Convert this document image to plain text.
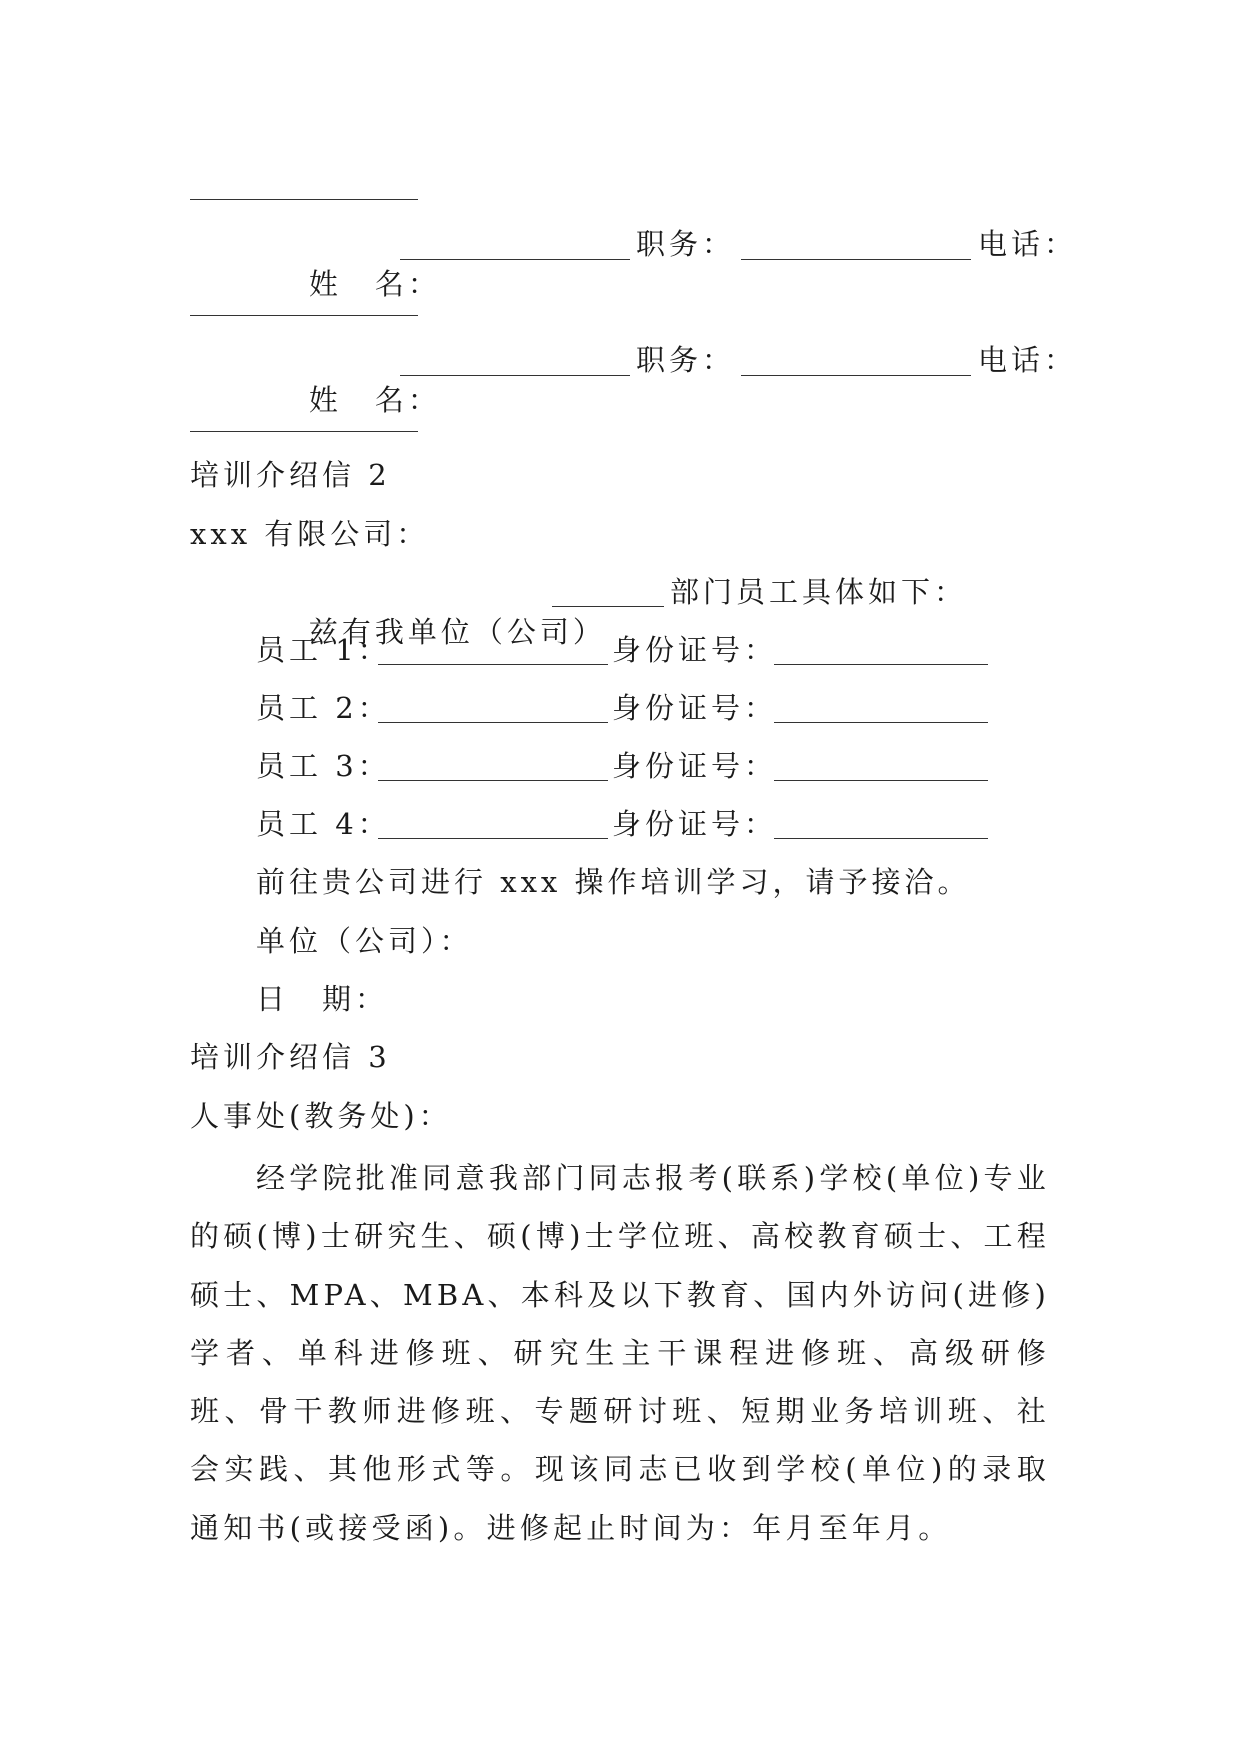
姓　名：

职务：	电话：

姓　名：

职务：	电话：
培训介绍信 2
xxx 有限公司：

兹有我单位（公司）

部门员工具体如下：
员工 1：	身份证号：
员工 2：	身份证号：
员工 3：	身份证号：
员工 4：	身份证号：
前往贵公司进行 xxx 操作培训学习，请予接洽。
单位（公司）：
日　期：
培训介绍信 3
人事处(教务处)：
经学院批准同意我部门同志报考(联系)学校(单位)专业的硕(博)士研究生、硕(博)士学位班、高校教育硕士、工程硕士、MPA、MBA、本科及以下教育、国内外访问(进修)学者、单科进修班、研究生主干课程进修班、高级研修班、骨干教师进修班、专题研讨班、短期业务培训班、社会实践、其他形式等。现该同志已收到学校(单位)的录取通知书(或接受函)。进修起止时间为：年月至年月。
